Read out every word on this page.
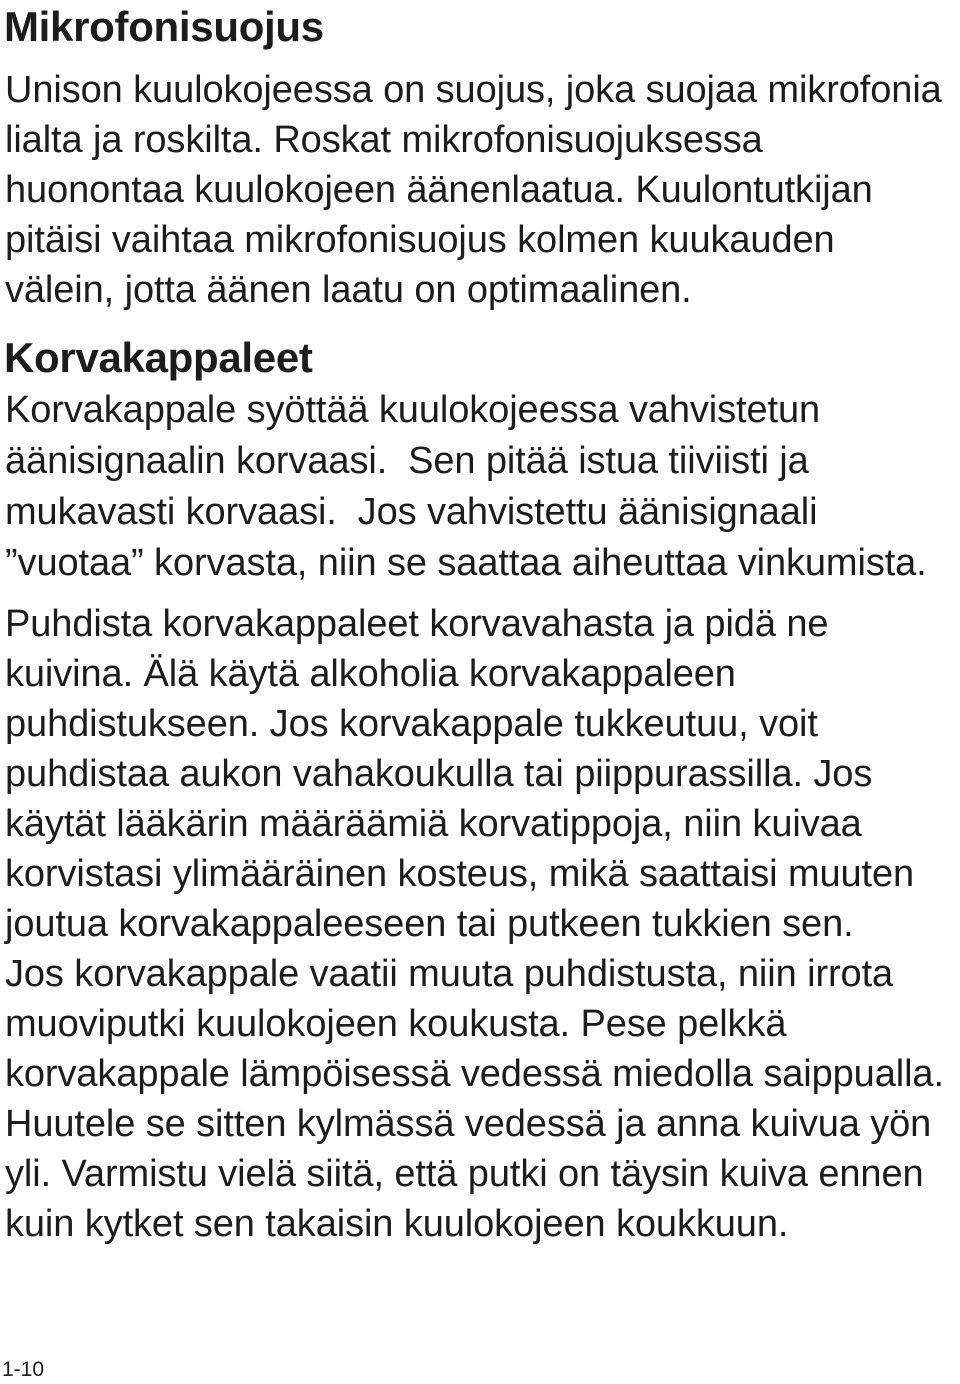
Mikrofonisuojus
Unison kuulokojeessa on suojus, joka suojaa mikrofonia
lialta ja roskilta. Roskat mikrofonisuojuksessa
huonontaa kuulokojeen äänenlaatua. Kuulontutkijan
pitäisi vaihtaa mikrofonisuojus kolmen kuukauden
välein, jotta äänen laatu on optimaalinen.
Korvakappaleet
Korvakappale syöttää kuulokojeessa vahvistetun
äänisignaalin korvaasi.  Sen pitää istua tiiviisti ja
mukavasti korvaasi.  Jos vahvistettu äänisignaali
”vuotaa” korvasta, niin se saattaa aiheuttaa vinkumista.
Puhdista korvakappaleet korvavahasta ja pidä ne
kuivina. Älä käytä alkoholia korvakappaleen
puhdistukseen. Jos korvakappale tukkeutuu, voit
puhdistaa aukon vahakoukulla tai piippurassilla. Jos
käytät lääkärin määräämiä korvatippoja, niin kuivaa
korvistasi ylimääräinen kosteus, mikä saattaisi muuten
joutua korvakappaleeseen tai putkeen tukkien sen.
Jos korvakappale vaatii muuta puhdistusta, niin irrota
muoviputki kuulokojeen koukusta. Pese pelkkä
korvakappale lämpöisessä vedessä miedolla saippualla.
Huutele se sitten kylmässä vedessä ja anna kuivua yön
yli. Varmistu vielä siitä, että putki on täysin kuiva ennen
kuin kytket sen takaisin kuulokojeen koukkuun.
1-10
